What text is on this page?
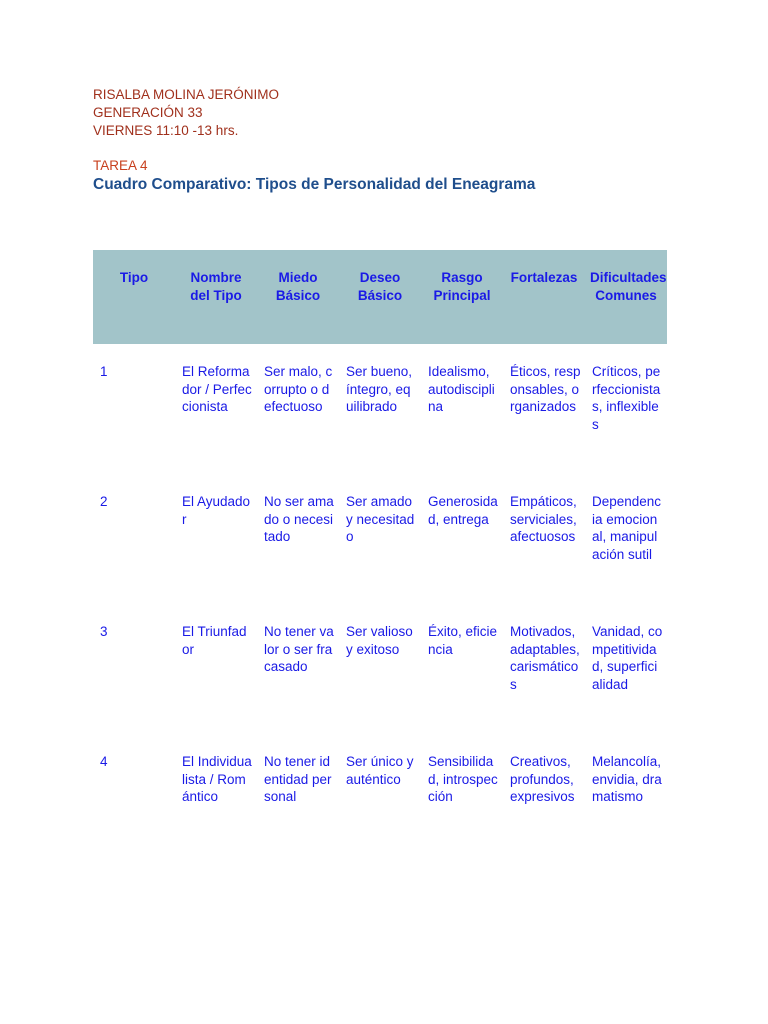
RISALBA MOLINA JERÓNIMO
GENERACIÓN 33
VIERNES 11:10 -13 hrs.
TAREA 4
Cuadro Comparativo: Tipos de Personalidad del Eneagrama
Tipo	Nombre del Tipo	Miedo Básico	Deseo Básico	Rasgo Principal	Fortalezas	Dificultades Comunes
1	El Reformador / Perfeccionista	Ser malo, corrupto o defectuoso	Ser bueno, íntegro, equilibrado	Idealismo, autodisciplina	Éticos, responsables, organizados	Críticos, perfeccionistas, inflexibles
2	El Ayudador	No ser amado o necesitado	Ser amado y necesitado	Generosidad, entrega	Empáticos, serviciales, afectuosos	Dependencia emocional, manipulación sutil
3	El Triunfador	No tener valor o ser fracasado	Ser valioso y exitoso	Éxito, eficiencia	Motivados, adaptables, carismáticos	Vanidad, competitividad, superficialidad
4	El Individualista / Romántico	No tener identidad personal	Ser único y auténtico	Sensibilidad, introspección	Creativos, profundos, expresivos	Melancolía, envidia, dramatismo
